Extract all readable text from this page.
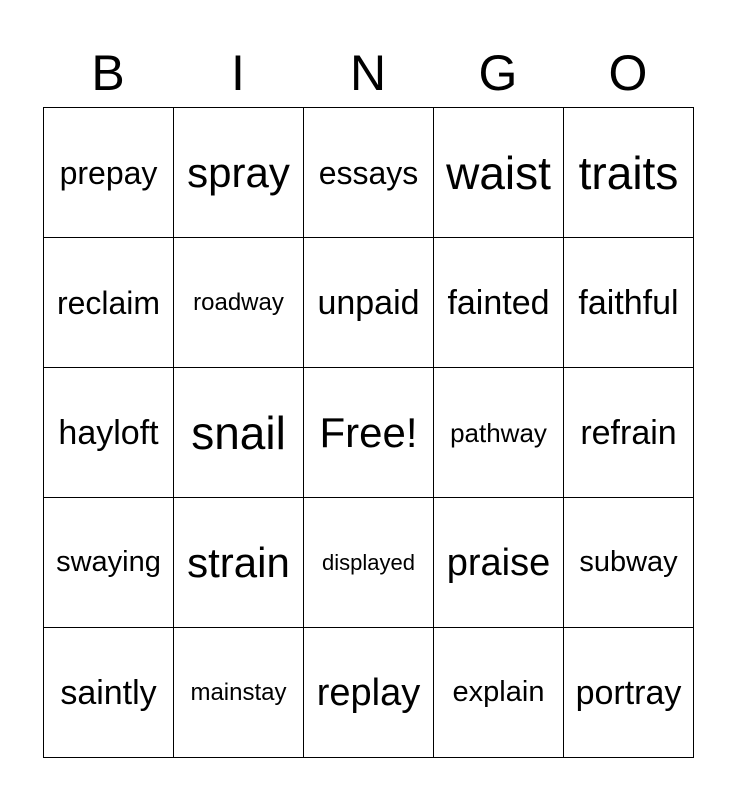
B	I	N	G	O
prepay spray essays waist traits
reclaim	roadway unpaid fainted faithful
hayloft snail Free!	pathway refrain
swaying strain	displayed praise	subway
saintly	mainstay replay	explain portray
